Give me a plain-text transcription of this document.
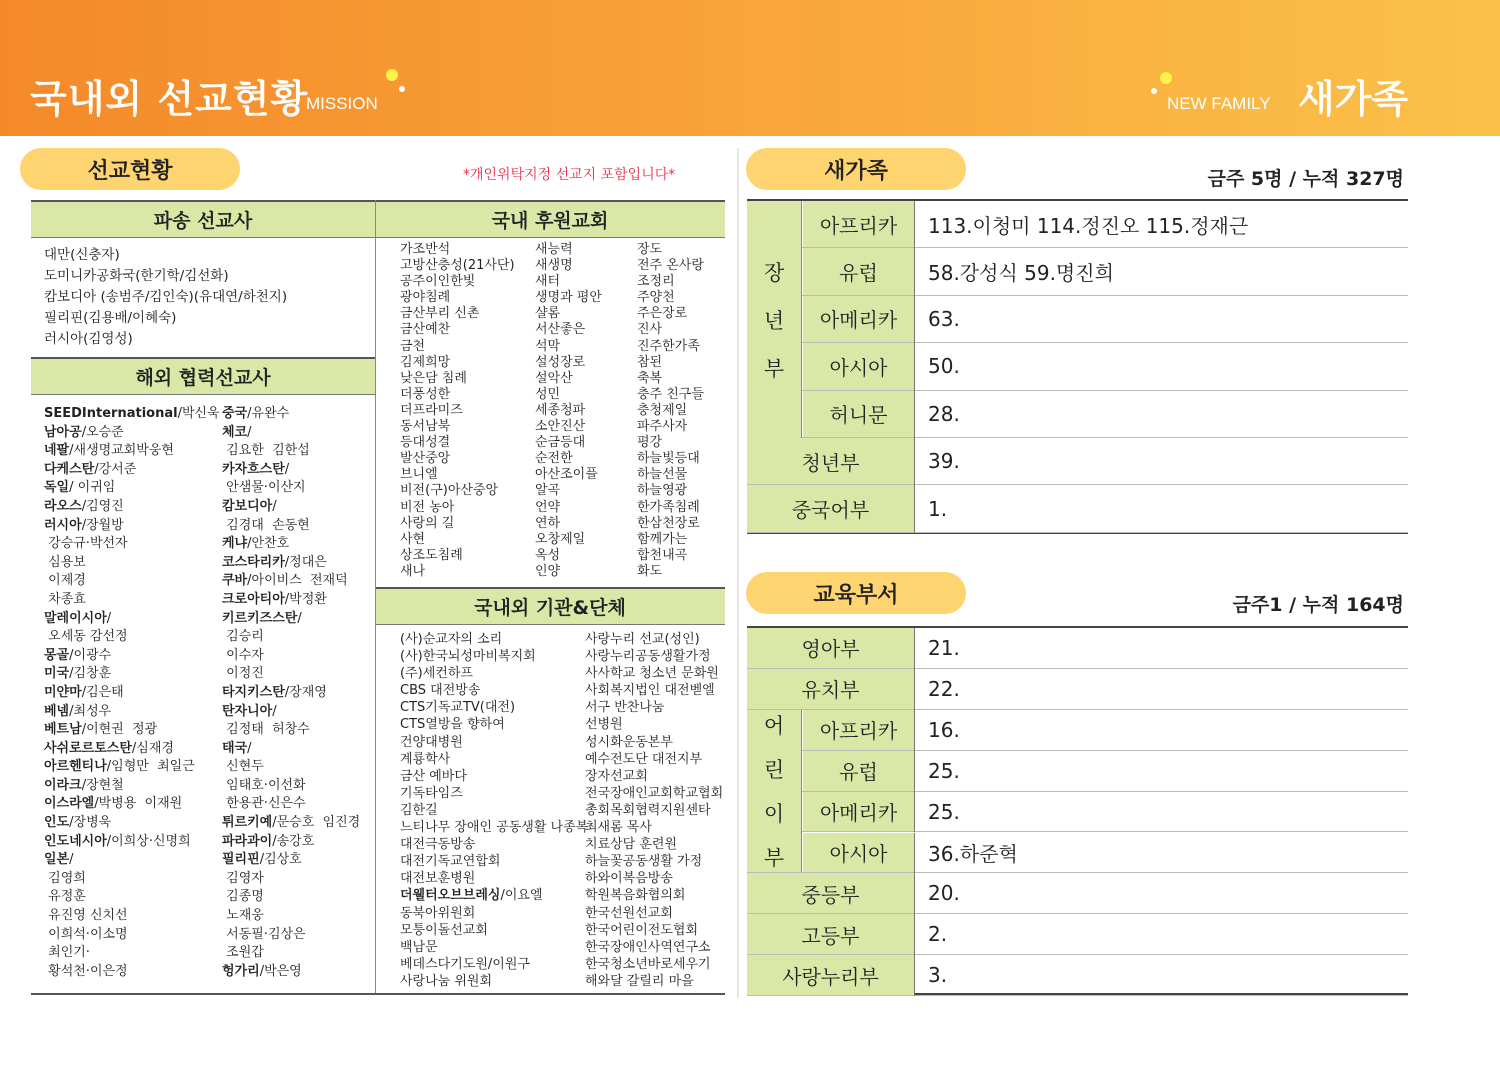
국내외 선교현황
MISSION	NEW FAMILY 새가족
선교현황	*개인위탁지정 선교지 포함입니다*
파송 선교사	국내 후원교회
해외 협력선교사
국내외 기관&단체
대만(신충자)
도미니카공화국(한기학/김선화)
캄보디아 (송범주/김인숙)(유대연/하천지)
필리핀(김용배/이혜숙)
러시아(김영성)
SEEDInternational/박신욱
남아공/오승준
네팔/새생명교회박웅현
다케스탄/강서준
독일/ 이귀임
라오스/김영진
러시아/장월방
강승규·박선자
심용보
이제경
차종효
말레이시아/
오세동 감선정
몽골/이광수
미국/김창훈
미얀마/김은태
베넴/최성우
베트남/이현권  정광
사쉬로르토스탄/심재경
아르헨티나/임형만  최일근
이라크/장현철
이스라엘/박병용  이재원
인도/장병욱
인도네시아/이희상·신명희
일본/
김영희
유정훈
유진영 신치선
이희석·이소명
최인기·
황석천·이은정
중국/유완수
체코/
김요한  김한섭
카자흐스탄/
안샘물·이산지
캄보디아/
김경대  손동현
케냐/안찬호
코스타리카/정대은
쿠바/아이비스  전재덕
크로아티아/박정환
키르키즈스탄/
김승리
이수자
이정진
타지키스탄/장재영
탄자니아/
김정태  허창수
태국/
신현두
임태호·이선화
한용관·신은수
튀르키예/문승호  임진경
파라과이/송강호
필리핀/김상호
김영자
김종명
노재웅
서동필·김상은
조원갑
헝가리/박은영
가조반석
고방산충성(21사단)
공주이인한빛
광야침례
금산부리 신촌
금산예찬
금천
김제희망
낮은담 침례
더풍성한
더프라미즈
동서남북
등대성결
발산중앙
브니엘
비전(구)아산중앙
비전 농아
사랑의 길
사현
상조도침례
새나
새능력
새생명
새터
생명과 평안
샬롬
서산좋은
석막
설성장로
설악산
성민
세종청파
소안진산
순금등대
순전한
아산조이플
알곡
언약
연하
오창제일
옥성
인양
장도
전주 온사랑
조정리
주양천
주은장로
진사
진주한가족
참된
축복
충주 친구들
충청제일
파주사자
평강
하늘빛등대
하늘선물
하늘영광
한가족침례
한삼천장로
함께가는
합천내곡
화도
(사)순교자의 소리
(사)한국뇌성마비복지회
(주)세컨하프
CBS 대전방송
CTS기독교TV(대전)
CTS열방을 향하여
건양대병원
계룡학사
금산 예바다
기독타임즈
김한길
느티나무 장애인 공동생활 나종복
대전극동방송
대전기독교연합회
대전보훈병원
더웰터오브브레싱/이요엘
동북아위원회
모퉁이돌선교회
백남문
베데스다기도원/이원구
사랑나눔 위원회
사랑누리 선교(성인)
사랑누리공동생활가정
사사학교 청소년 문화원
사회복지법인 대전벧엘
서구 반찬나눔
선병원
성시화운동본부
예수전도단 대전지부
장자선교회
전국장애인교회학교협회
총회목회협력지원센타
최새롬 목사
치료상담 훈련원
하늘꽃공동생활 가정
하와이복음방송
학원복음화협의회
한국선원선교회
한국어린이전도협회
한국장애인사역연구소
한국청소년바로세우기
해와달 갈릴리 마을
새가족	금주 5명 / 누적 327명
아프리카	113.이청미 114.정진오 115.정재근
유럽	58.강성식 59.명진희
아메리카	63.
아시아	50.
허니문	28.
청년부	39.
중국어부	1.
장
년
부
교육부서	금주1 / 누적 164명
영아부	21.
유치부	22.
아프리카	16.
유럽	25.
아메리카	25.
아시아	36.하준혁
중등부	20.
고등부	2.
사랑누리부	3.
어
린
이
부
